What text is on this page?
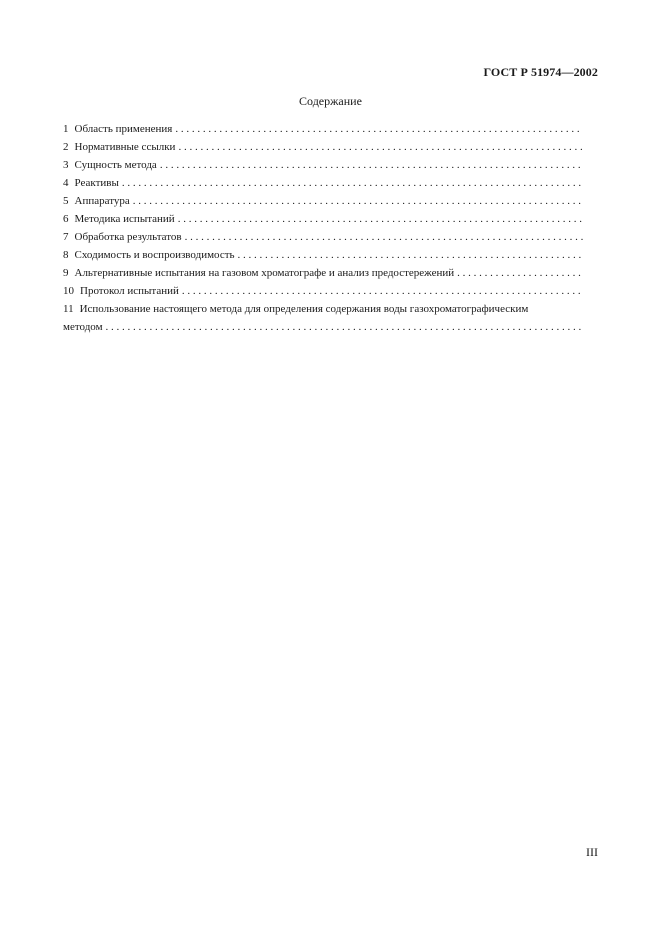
ГОСТ Р 51974—2002
Содержание
1 Область применения
. . .
2 Нормативные ссылки
. . .
3 Сущность метода
. . .
4 Реактивы
. . .
5 Аппаратура
. . .
6 Методика испытаний
. . .
7 Обработка результатов
. . .
8 Сходимость и воспроизводимость
. . .
9 Альтернативные испытания на газовом хроматографе и анализ предостережений
. . .
10 Протокол испытаний
. . .
11 Использование настоящего метода для определения содержания воды газохроматографическим
методом
. . .
III
